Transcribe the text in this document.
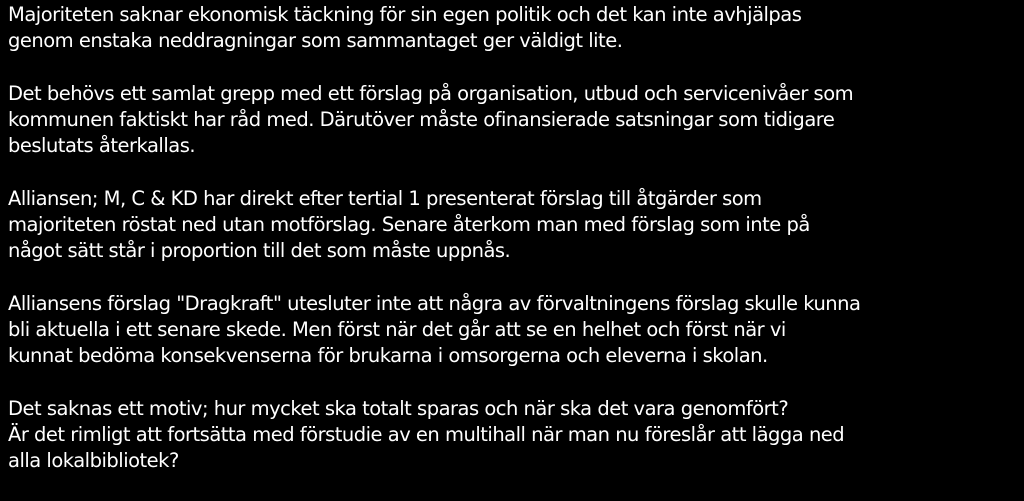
Majoriteten saknar ekonomisk täckning för sin egen politik och det kan inte avhjälpas
genom enstaka neddragningar som sammantaget ger väldigt lite.
Det behövs ett samlat grepp med ett förslag på organisation, utbud och servicenivåer som
kommunen faktiskt har råd med. Därutöver måste ofinansierade satsningar som tidigare
beslutats återkallas.
Alliansen; M, C & KD har direkt efter tertial 1 presenterat förslag till åtgärder som
majoriteten röstat ned utan motförslag. Senare återkom man med förslag som inte på
något sätt står i proportion till det som måste uppnås.
Alliansens förslag "Dragkraft" utesluter inte att några av förvaltningens förslag skulle kunna
bli aktuella i ett senare skede. Men först när det går att se en helhet och först när vi
kunnat bedöma konsekvenserna för brukarna i omsorgerna och eleverna i skolan.
Det saknas ett motiv; hur mycket ska totalt sparas och när ska det vara genomfört?
Är det rimligt att fortsätta med förstudie av en multihall när man nu föreslår att lägga ned
alla lokalbibliotek?
